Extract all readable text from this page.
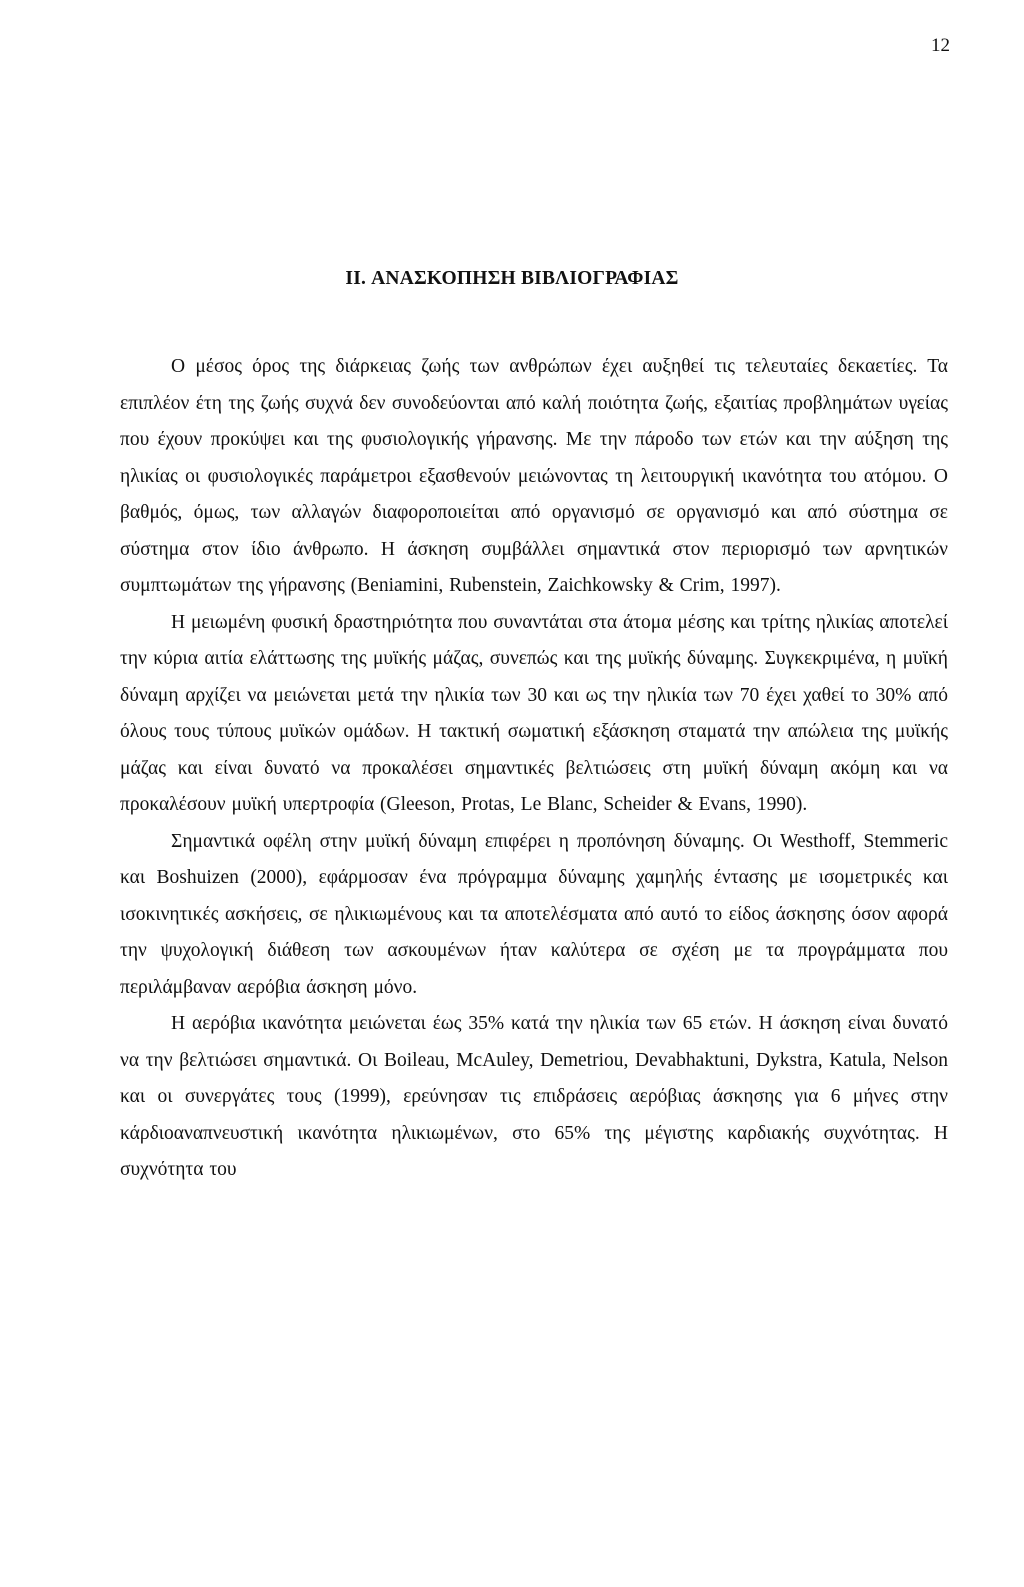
12
II. ΑΝΑΣΚΟΠΗΣΗ ΒΙΒΛΙΟΓΡΑΦΙΑΣ

Ο μέσος όρος της διάρκειας ζωής των ανθρώπων έχει αυξηθεί τις τελευταίες δεκαετίες. Τα επιπλέον έτη της ζωής συχνά δεν συνοδεύονται από καλή ποιότητα ζωής, εξαιτίας προβλημάτων υγείας που έχουν προκύψει και της φυσιολογικής γήρανσης. Με την πάροδο των ετών και την αύξηση της ηλικίας οι φυσιολογικές παράμετροι εξασθενούν μειώνοντας τη λειτουργική ικανότητα του ατόμου. Ο βαθμός, όμως, των αλλαγών διαφοροποιείται από οργανισμό σε οργανισμό και από σύστημα σε σύστημα στον ίδιο άνθρωπο. Η άσκηση συμβάλλει σημαντικά στον περιορισμό των αρνητικών συμπτωμάτων της γήρανσης (Beniamini, Rubenstein, Zaichkowsky & Crim, 1997).

Η μειωμένη φυσική δραστηριότητα που συναντάται στα άτομα μέσης και τρίτης ηλικίας αποτελεί την κύρια αιτία ελάττωσης της μυϊκής μάζας, συνεπώς και της μυϊκής δύναμης. Συγκεκριμένα, η μυϊκή δύναμη αρχίζει να μειώνεται μετά την ηλικία των 30 και ως την ηλικία των 70 έχει χαθεί το 30% από όλους τους τύπους μυϊκών ομάδων. Η τακτική σωματική εξάσκηση σταματά την απώλεια της μυϊκής μάζας και είναι δυνατό να προκαλέσει σημαντικές βελτιώσεις στη μυϊκή δύναμη ακόμη και να προκαλέσουν μυϊκή υπερτροφία (Gleeson, Protas, Le Blanc, Scheider & Evans, 1990).

Σημαντικά οφέλη στην μυϊκή δύναμη επιφέρει η προπόνηση δύναμης. Οι Westhoff, Stemmeric και Boshuizen (2000), εφάρμοσαν ένα πρόγραμμα δύναμης χαμηλής έντασης με ισομετρικές και ισοκινητικές ασκήσεις, σε ηλικιωμένους και τα αποτελέσματα από αυτό το είδος άσκησης όσον αφορά την ψυχολογική διάθεση των ασκουμένων ήταν καλύτερα σε σχέση με τα προγράμματα που περιλάμβαναν αερόβια άσκηση μόνο.

Η αερόβια ικανότητα μειώνεται έως 35% κατά την ηλικία των 65 ετών. Η άσκηση είναι δυνατό να την βελτιώσει σημαντικά. Οι Boileau, McAuley, Demetriou, Devabhaktuni, Dykstra, Katula, Nelson και οι συνεργάτες τους (1999), ερεύνησαν τις επιδράσεις αερόβιας άσκησης για 6 μήνες στην κάρδιοαναπνευστική ικανότητα ηλικιωμένων, στο 65% της μέγιστης καρδιακής συχνότητας. Η συχνότητα του
